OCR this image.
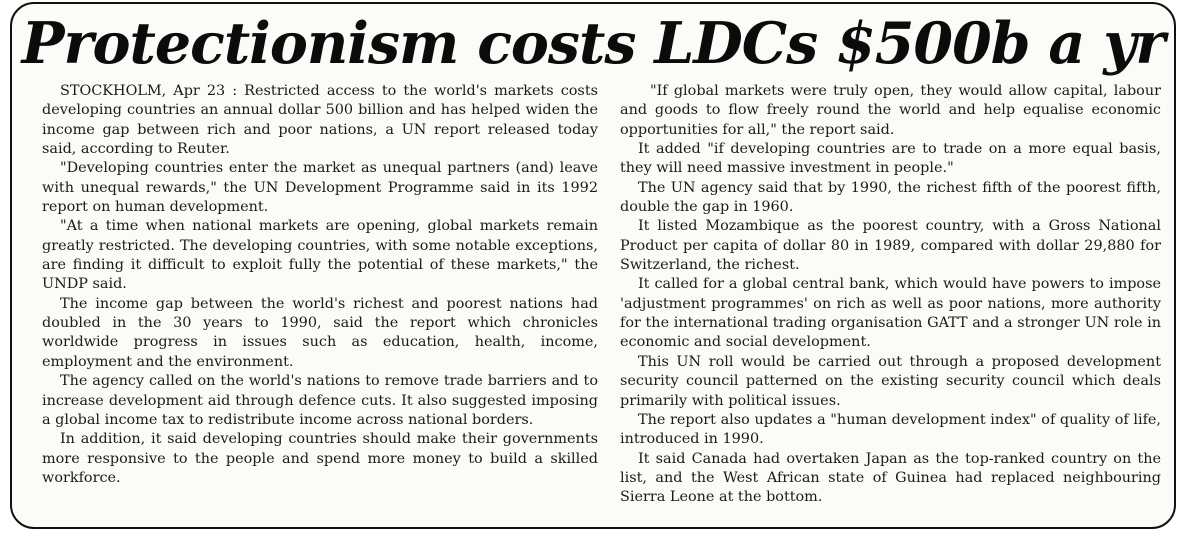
Protectionism costs LDCs $500b a yr

STOCKHOLM, Apr 23 : Restricted access to the world's markets costs developing countries an annual dollar 500 billion and has helped widen the income gap between rich and poor nations, a UN report released today said, according to Reuter.

"Developing countries enter the market as unequal partners (and) leave with unequal rewards," the UN Development Programme said in its 1992 report on human development.

"At a time when national markets are opening, global markets remain greatly restricted. The developing countries, with some notable exceptions, are finding it difficult to exploit fully the potential of these markets," the UNDP said.

The income gap between the world's richest and poorest nations had doubled in the 30 years to 1990, said the report which chronicles worldwide progress in issues such as education, health, income, employment and the environment.

The agency called on the world's nations to remove trade barriers and to increase development aid through defence cuts. It also suggested imposing a global income tax to redistribute income across national borders.

In addition, it said developing countries should make their governments more responsive to the people and spend more money to build a skilled workforce.

"If global markets were truly open, they would allow capital, labour and goods to flow freely round the world and help equalise economic opportunities for all," the report said.

It added "if developing countries are to trade on a more equal basis, they will need massive investment in people."

The UN agency said that by 1990, the richest fifth of the poorest fifth, double the gap in 1960.

It listed Mozambique as the poorest country, with a Gross National Product per capita of dollar 80 in 1989, compared with dollar 29,880 for Switzerland, the richest.

It called for a global central bank, which would have powers to impose 'adjustment programmes' on rich as well as poor nations, more authority for the international trading organisation GATT and a stronger UN role in economic and social development.

This UN roll would be carried out through a proposed development security council patterned on the existing security council which deals primarily with political issues.

The report also updates a "human development index" of quality of life, introduced in 1990.

It said Canada had overtaken Japan as the top-ranked country on the list, and the West African state of Guinea had replaced neighbouring Sierra Leone at the bottom.
